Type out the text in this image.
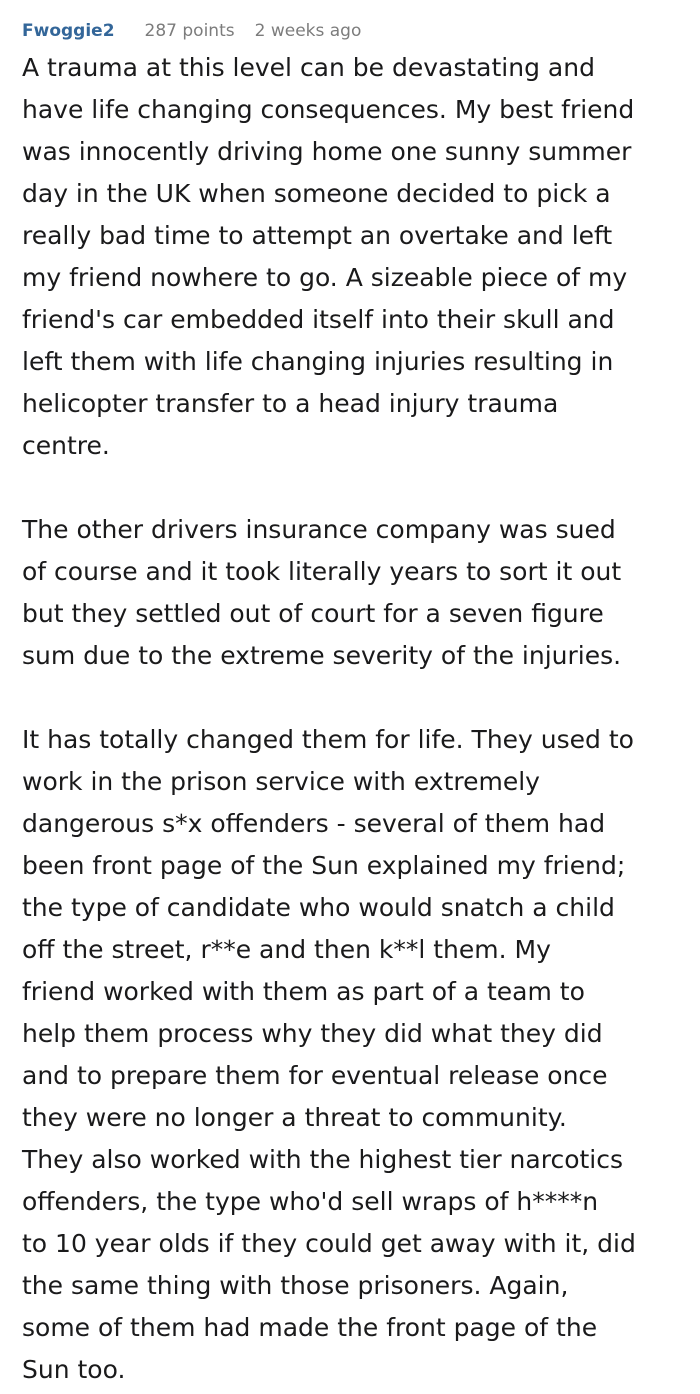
Fwoggie2 287 points 2 weeks ago

A trauma at this level can be devastating and
have life changing consequences. My best friend
was innocently driving home one sunny summer
day in the UK when someone decided to pick a
really bad time to attempt an overtake and left
my friend nowhere to go. A sizeable piece of my
friend's car embedded itself into their skull and
left them with life changing injuries resulting in
helicopter transfer to a head injury trauma
centre.

The other drivers insurance company was sued
of course and it took literally years to sort it out
but they settled out of court for a seven figure
sum due to the extreme severity of the injuries.

It has totally changed them for life. They used to
work in the prison service with extremely
dangerous s*x offenders - several of them had
been front page of the Sun explained my friend;
the type of candidate who would snatch a child
off the street, r**e and then k**l them. My
friend worked with them as part of a team to
help them process why they did what they did
and to prepare them for eventual release once
they were no longer a threat to community.
They also worked with the highest tier narcotics
offenders, the type who'd sell wraps of h****n
to 10 year olds if they could get away with it, did
the same thing with those prisoners. Again,
some of them had made the front page of the
Sun too.
